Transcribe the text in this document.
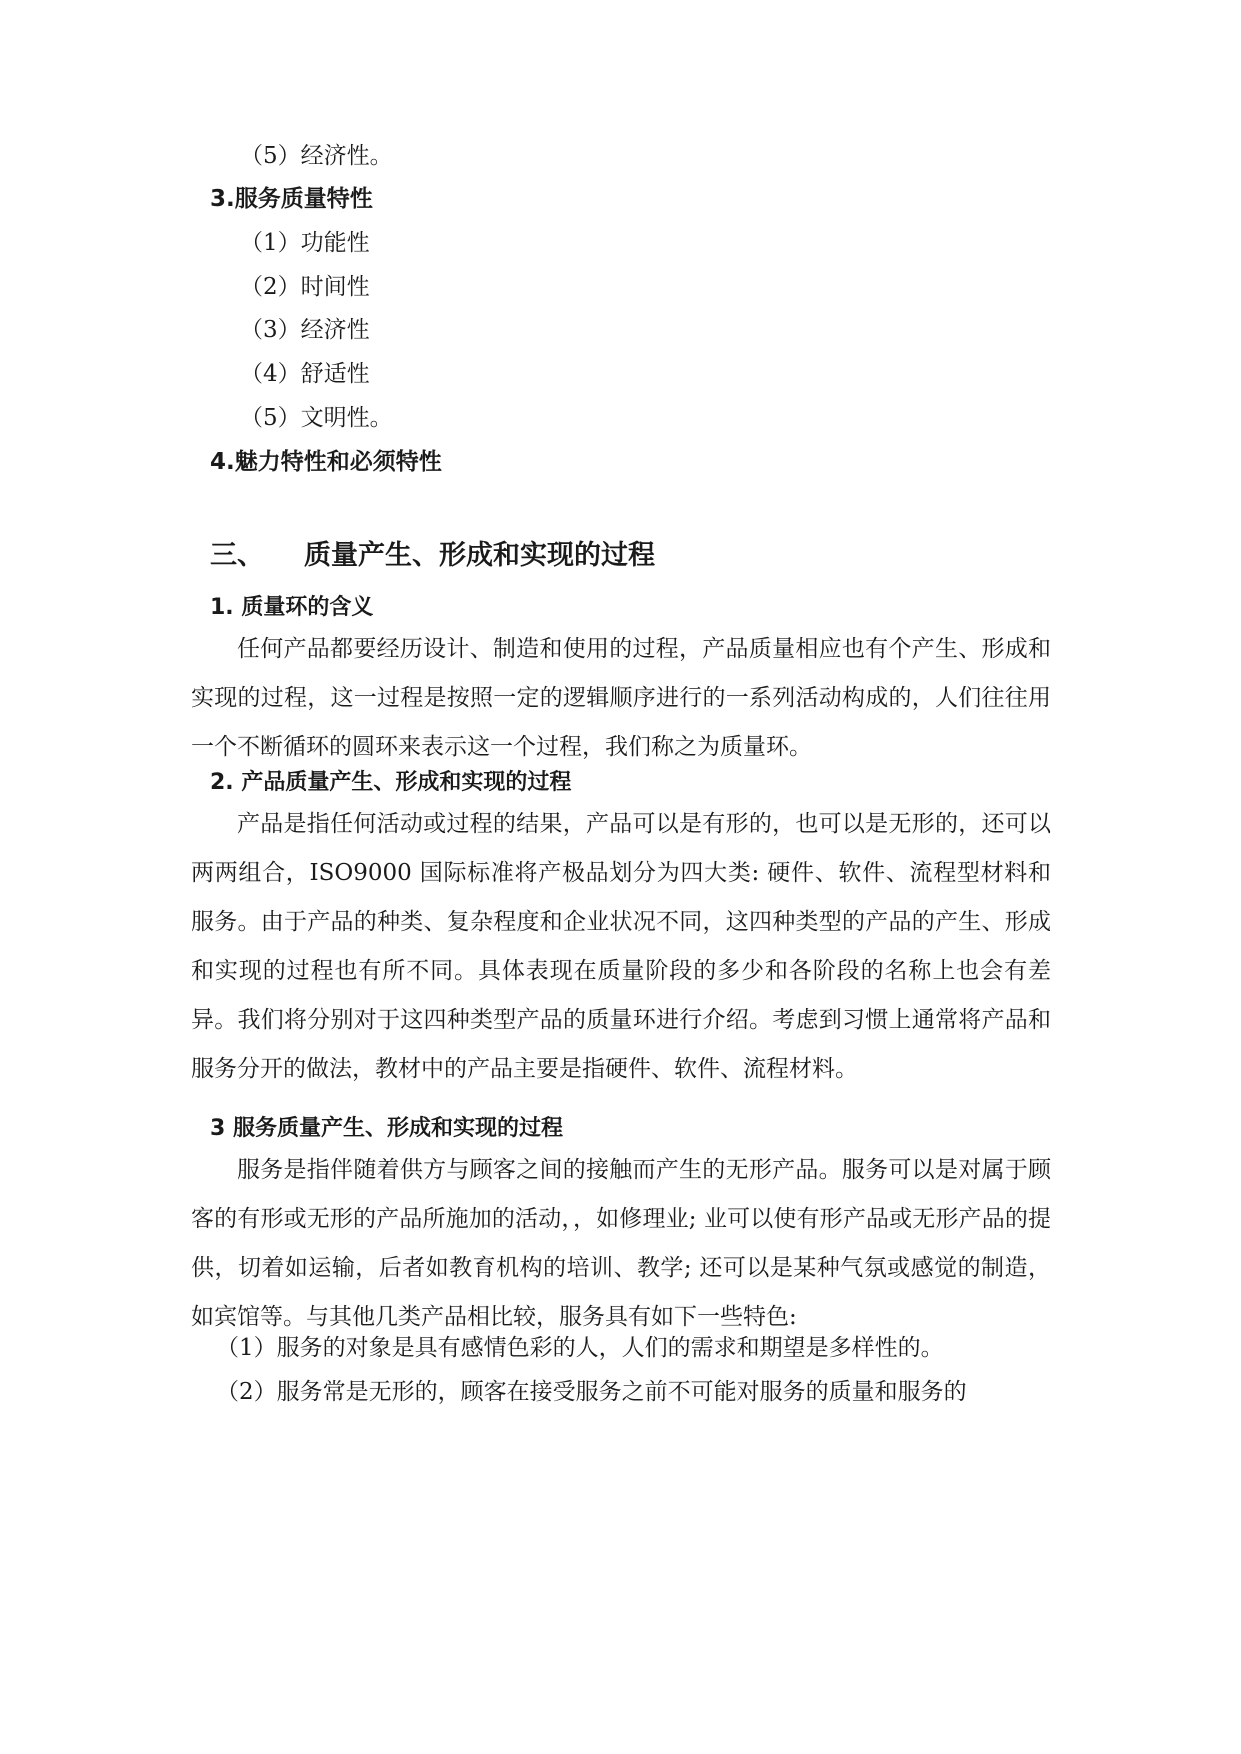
（5）经济性。
3.服务质量特性
（1）功能性
（2）时间性
（3）经济性
（4）舒适性
（5）文明性。
4.魅力特性和必须特性
三、 质量产生、形成和实现的过程
1. 质量环的含义
任何产品都要经历设计、制造和使用的过程，产品质量相应也有个产生、形成和实现的过程，这一过程是按照一定的逻辑顺序进行的一系列活动构成的，人们往往用一个不断循环的圆环来表示这一个过程，我们称之为质量环。
2. 产品质量产生、形成和实现的过程
产品是指任何活动或过程的结果，产品可以是有形的，也可以是无形的，还可以两两组合，ISO9000 国际标准将产极品划分为四大类: 硬件、软件、流程型材料和服务。由于产品的种类、复杂程度和企业状况不同，这四种类型的产品的产生、形成和实现的过程也有所不同。具体表现在质量阶段的多少和各阶段的名称上也会有差异。我们将分别对于这四种类型产品的质量环进行介绍。考虑到习惯上通常将产品和服务分开的做法，教材中的产品主要是指硬件、软件、流程材料。
3 服务质量产生、形成和实现的过程
服务是指伴随着供方与顾客之间的接触而产生的无形产品。服务可以是对属于顾客的有形或无形的产品所施加的活动，，如修理业; 业可以使有形产品或无形产品的提供，切着如运输，后者如教育机构的培训、教学; 还可以是某种气氛或感觉的制造，如宾馆等。与其他几类产品相比较，服务具有如下一些特色:
（1）服务的对象是具有感情色彩的人，人们的需求和期望是多样性的。
（2）服务常是无形的，顾客在接受服务之前不可能对服务的质量和服务的
